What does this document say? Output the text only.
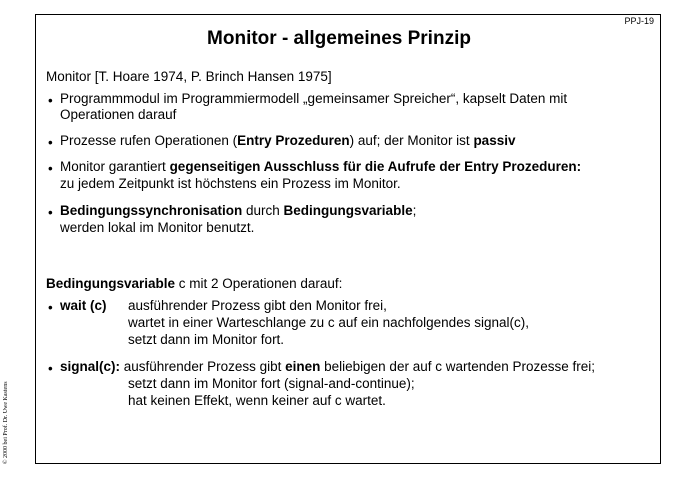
PPJ-19
© 2000 bei Prof. Dr. Uwe Kastens
Monitor - allgemeines Prinzip
Monitor [T. Hoare 1974, P. Brinch Hansen 1975]
• Programmmodul im Programmiermodell „gemeinsamer Spreicher“, kapselt Daten mit
Operationen darauf
• Prozesse rufen Operationen (Entry Prozeduren) auf; der Monitor ist passiv
• Monitor garantiert gegenseitigen Ausschluss für die Aufrufe der Entry Prozeduren:
zu jedem Zeitpunkt ist höchstens ein Prozess im Monitor.
• Bedingungssynchronisation durch Bedingungsvariable;
werden lokal im Monitor benutzt.
Bedingungsvariable c mit 2 Operationen darauf:
• wait (c) ausführender Prozess gibt den Monitor frei,
wartet in einer Warteschlange zu c auf ein nachfolgendes signal(c),
setzt dann im Monitor fort.
• signal(c): ausführender Prozess gibt einen beliebigen der auf c wartenden Prozesse frei;
setzt dann im Monitor fort (signal-and-continue);
hat keinen Effekt, wenn keiner auf c wartet.
